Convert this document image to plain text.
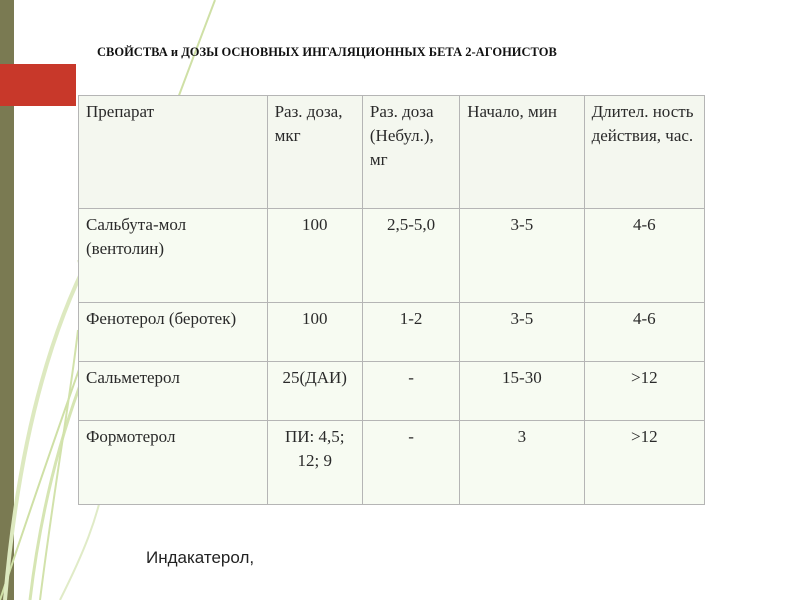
СВОЙСТВА и ДОЗЫ ОСНОВНЫХ ИНГАЛЯЦИОННЫХ БЕТА 2-АГОНИСТОВ
Препарат	Раз. доза, мкг	Раз. доза (Небул.), мг	Начало, мин	Длител. ность действия, час.
Сальбута-мол (вентолин)	100	2,5-5,0	3-5	4-6
Фенотерол (беротек)	100	1-2	3-5	4-6
Сальметерол	25(ДАИ)	-	15-30	>12
Формотерол	ПИ: 4,5; 12; 9	-	3	>12
Индакатерол,
